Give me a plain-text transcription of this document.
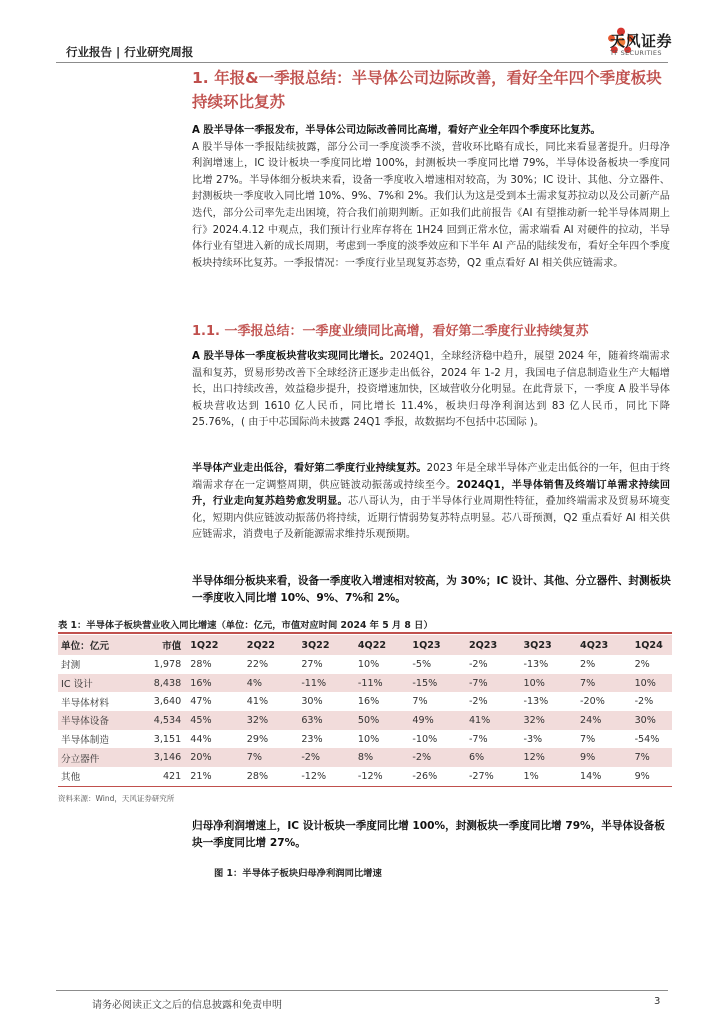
行业报告 | 行业研究周报
天风证券
TF SECURITIES
1. 年报&一季报总结：半导体公司边际改善，看好全年四个季度板块持续环比复苏
A 股半导体一季报发布，半导体公司边际改善同比高增，看好产业全年四个季度环比复苏。
A 股半导体一季报陆续披露，部分公司一季度淡季不淡，营收环比略有成长，同比来看显著提升。归母净利润增速上，IC 设计板块一季度同比增 100%，封测板块一季度同比增 79%，半导体设备板块一季度同比增 27%。半导体细分板块来看，设备一季度收入增速相对较高，为 30%；IC 设计、其他、分立器件、封测板块一季度收入同比增 10%、9%、7%和 2%。我们认为这是受到本土需求复苏拉动以及公司新产品迭代，部分公司率先走出困境，符合我们前期判断。正如我们此前报告《AI 有望推动新一轮半导体周期上行》2024.4.12 中观点，我们预计行业库存将在 1H24 回到正常水位，需求端看 AI 对硬件的拉动，半导体行业有望进入新的成长周期，考虑到一季度的淡季效应和下半年 AI 产品的陆续发布，看好全年四个季度板块持续环比复苏。一季报情况：一季度行业呈现复苏态势，Q2 重点看好 AI 相关供应链需求。
1.1. 一季报总结：一季度业绩同比高增，看好第二季度行业持续复苏
A 股半导体一季度板块营收实现同比增长。2024Q1，全球经济稳中趋升，展望 2024 年，随着终端需求温和复苏，贸易形势改善下全球经济正逐步走出低谷，2024 年 1-2 月，我国电子信息制造业生产大幅增长，出口持续改善，效益稳步提升，投资增速加快，区域营收分化明显。在此背景下，一季度 A 股半导体板块营收达到 1610 亿人民币，同比增长 11.4%，板块归母净利润达到 83 亿人民币，同比下降 25.76%，( 由于中芯国际尚未披露 24Q1 季报，故数据均不包括中芯国际 )。
半导体产业走出低谷，看好第二季度行业持续复苏。2023 年是全球半导体产业走出低谷的一年，但由于终端需求存在一定调整周期，供应链波动振荡或持续至今。2024Q1，半导体销售及终端订单需求持续回升，行业走向复苏趋势愈发明显。芯八哥认为，由于半导体行业周期性特征，叠加终端需求及贸易环境变化，短期内供应链波动振荡仍将持续，近期行情弱势复苏特点明显。芯八哥预测，Q2 重点看好 AI 相关供应链需求，消费电子及新能源需求维持乐观预期。
半导体细分板块来看，设备一季度收入增速相对较高，为 30%；IC 设计、其他、分立器件、封测板块一季度收入同比增 10%、9%、7%和 2%。
表 1：半导体子板块营业收入同比增速（单位：亿元，市值对应时间 2024 年 5 月 8 日）
单位：亿元	市值	1Q22	2Q22	3Q22	4Q22	1Q23	2Q23	3Q23	4Q23	1Q24
封测	1,978	28%	22%	27%	10%	-5%	-2%	-13%	2%	2%
IC 设计	8,438	16%	4%	-11%	-11%	-15%	-7%	10%	7%	10%
半导体材料	3,640	47%	41%	30%	16%	7%	-2%	-13%	-20%	-2%
半导体设备	4,534	45%	32%	63%	50%	49%	41%	32%	24%	30%
半导体制造	3,151	44%	29%	23%	10%	-10%	-7%	-3%	7%	-54%
分立器件	3,146	20%	7%	-2%	8%	-2%	6%	12%	9%	7%
其他	421	21%	28%	-12%	-12%	-26%	-27%	1%	14%	9%
资料来源：Wind，天风证券研究所
归母净利润增速上，IC 设计板块一季度同比增 100%，封测板块一季度同比增 79%，半导体设备板块一季度同比增 27%。
图 1：半导体子板块归母净利润同比增速
请务必阅读正文之后的信息披露和免责申明	3
